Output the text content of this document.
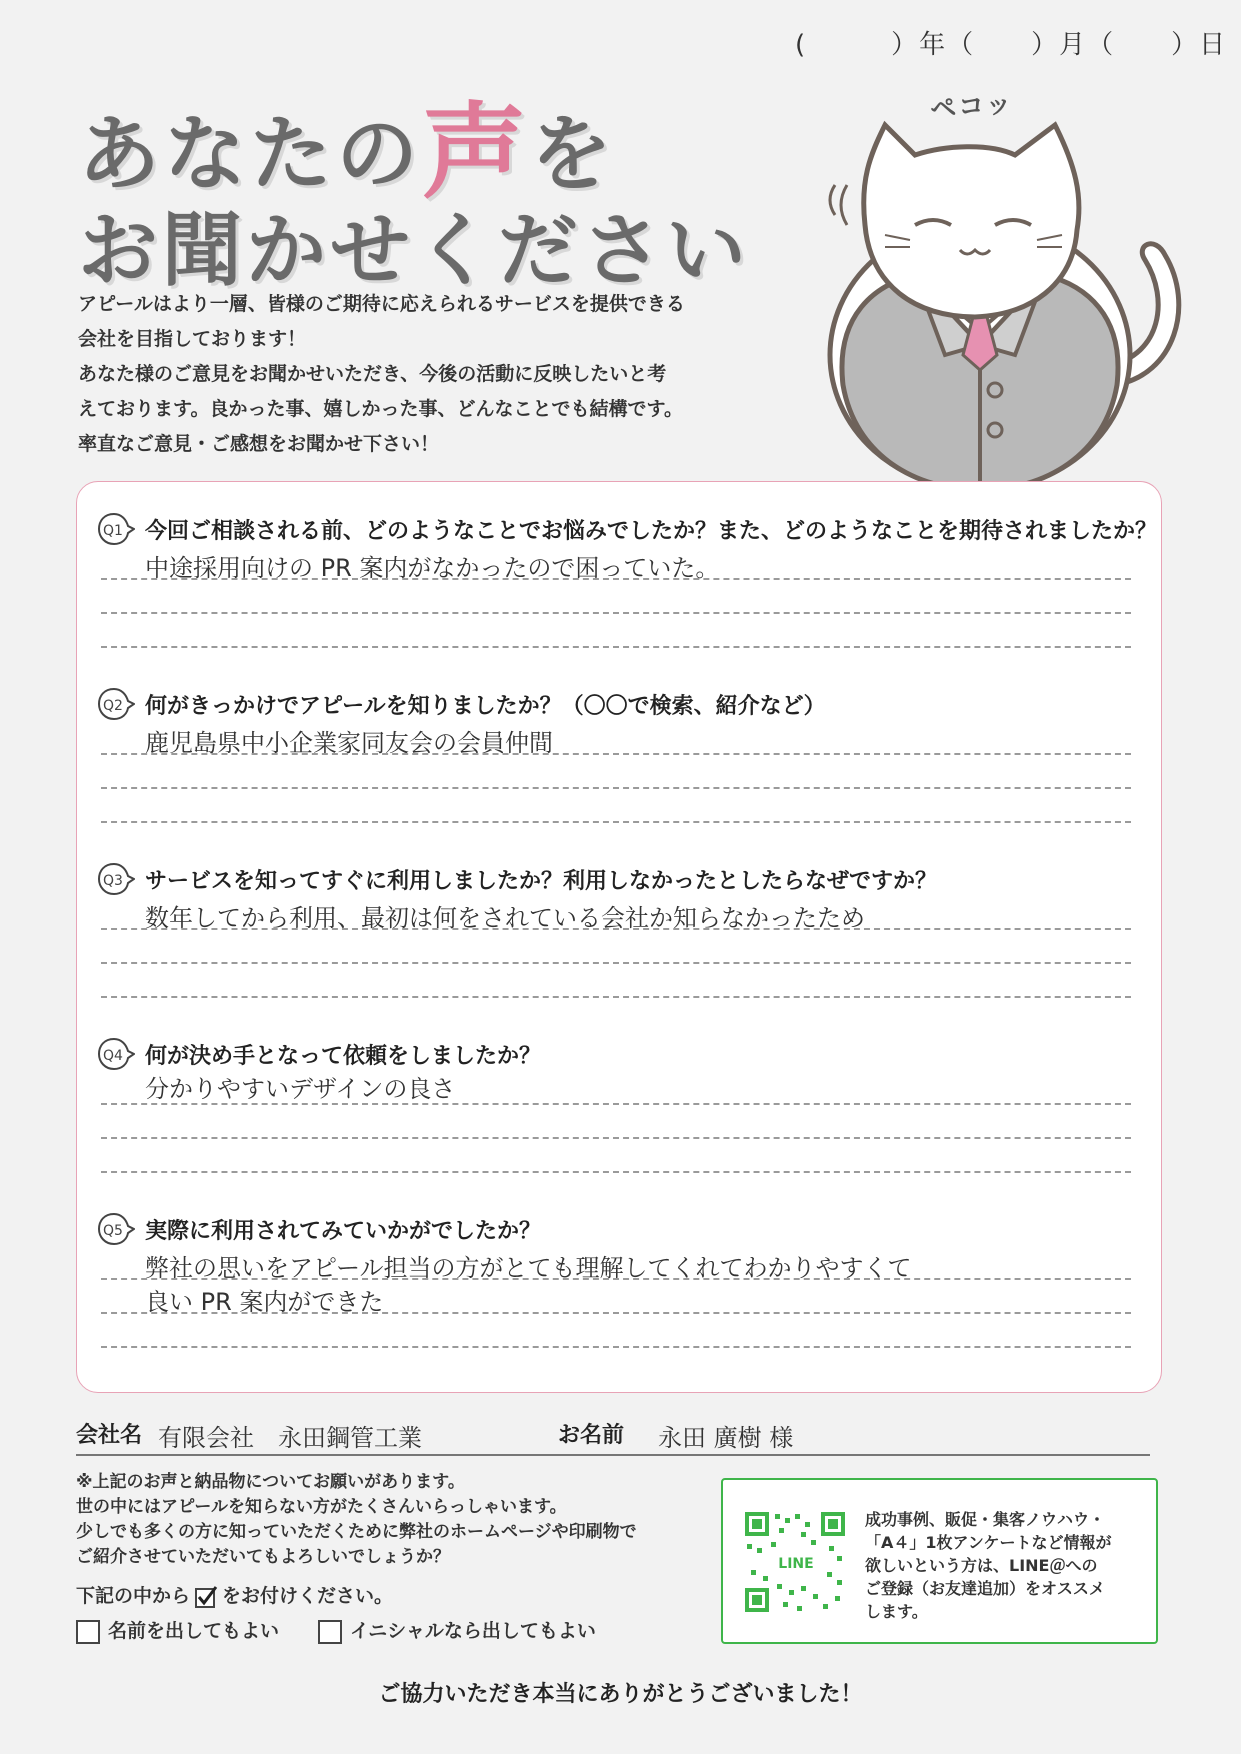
(　　　）年（　　）月（　　）日
あなたの声を
お聞かせください
アピールはより一層、皆様のご期待に応えられるサービスを提供できる
会社を目指しております！
あなた様のご意見をお聞かせいただき、今後の活動に反映したいと考
えております。良かった事、嬉しかった事、どんなことでも結構です。
率直なご意見・ご感想をお聞かせ下さい！
ペコッ
Q1 今回ご相談される前、どのようなことでお悩みでしたか？また、どのようなことを期待されましたか？
中途採用向けの PR 案内がなかったので困っていた。
Q2 何がきっかけでアピールを知りましたか？（〇〇で検索、紹介など）
鹿児島県中小企業家同友会の会員仲間
Q3 サービスを知ってすぐに利用しましたか？利用しなかったとしたらなぜですか？
数年してから利用、最初は何をされている会社か知らなかったため
Q4 何が決め手となって依頼をしましたか？
分かりやすいデザインの良さ
Q5 実際に利用されてみていかがでしたか？
弊社の思いをアピール担当の方がとても理解してくれてわかりやすくて
良い PR 案内ができた
会社名 有限会社　永田鋼管工業	お名前 永田 廣樹 様
※上記のお声と納品物についてお願いがあります。
世の中にはアピールを知らない方がたくさんいらっしゃいます。
少しでも多くの方に知っていただくために弊社のホームページや印刷物で
ご紹介させていただいてもよろしいでしょうか？
下記の中から をお付けください。
名前を出してもよい	イニシャルなら出してもよい
LINE
成功事例、販促・集客ノウハウ・
「A４」1枚アンケートなど情報が
欲しいという方は、LINE＠への
ご登録（お友達追加）をオススメ
します。
ご協力いただき本当にありがとうございました！
